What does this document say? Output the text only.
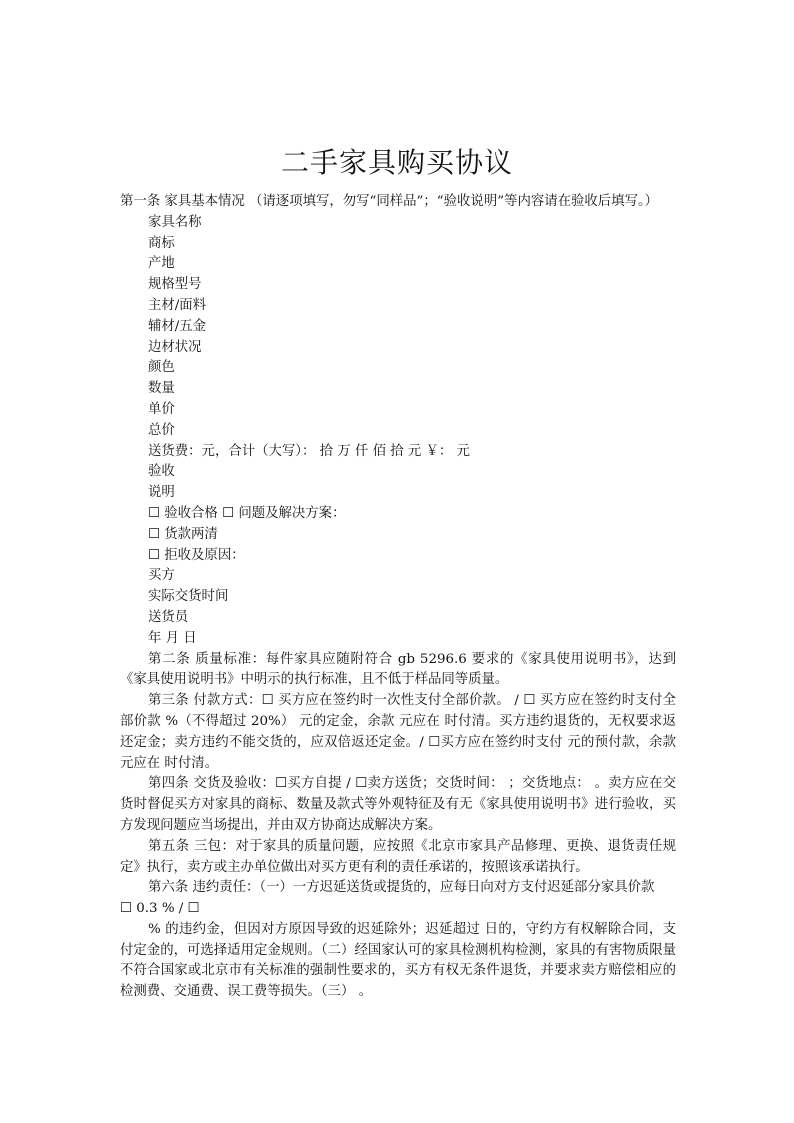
二手家具购买协议

第一条 家具基本情况 （请逐项填写，勿写“同样品”；“验收说明”等内容请在验收后填写。）

家具名称

商标

产地

规格型号

主材/面料

辅材/五金

边材状况

颜色

数量

单价

总价

送货费：元，合计（大写）： 拾 万 仟 佰 拾 元 ￥： 元

验收

说明

☐ 验收合格 ☐ 问题及解决方案：

☐ 货款两清

☐ 拒收及原因：

买方

实际交货时间

送货员

年 月 日

第二条 质量标准：每件家具应随附符合 gb 5296.6 要求的《家具使用说明书》，达到《家具使用说明书》中明示的执行标准，且不低于样品同等质量。

第三条 付款方式：☐ 买方应在签约时一次性支付全部价款。 / ☐ 买方应在签约时支付全部价款 %（不得超过 20%） 元的定金，余款 元应在 时付清。买方违约退货的，无权要求返还定金；卖方违约不能交货的，应双倍返还定金。/ ☐买方应在签约时支付 元的预付款，余款 元应在 时付清。

第四条 交货及验收：☐买方自提 / ☐卖方送货；交货时间： ；交货地点： 。卖方应在交货时督促买方对家具的商标、数量及款式等外观特征及有无《家具使用说明书》进行验收，买方发现问题应当场提出，并由双方协商达成解决方案。

第五条 三包：对于家具的质量问题，应按照《北京市家具产品修理、更换、退货责任规定》执行，卖方或主办单位做出对买方更有利的责任承诺的，按照该承诺执行。

第六条 违约责任：（一）一方迟延送货或提货的，应每日向对方支付迟延部分家具价款

☐ 0.3 % / ☐

% 的违约金，但因对方原因导致的迟延除外；迟延超过 日的，守约方有权解除合同，支付定金的，可选择适用定金规则。（二）经国家认可的家具检测机构检测，家具的有害物质限量不符合国家或北京市有关标准的强制性要求的，买方有权无条件退货，并要求卖方赔偿相应的检测费、交通费、误工费等损失。（三） 。
